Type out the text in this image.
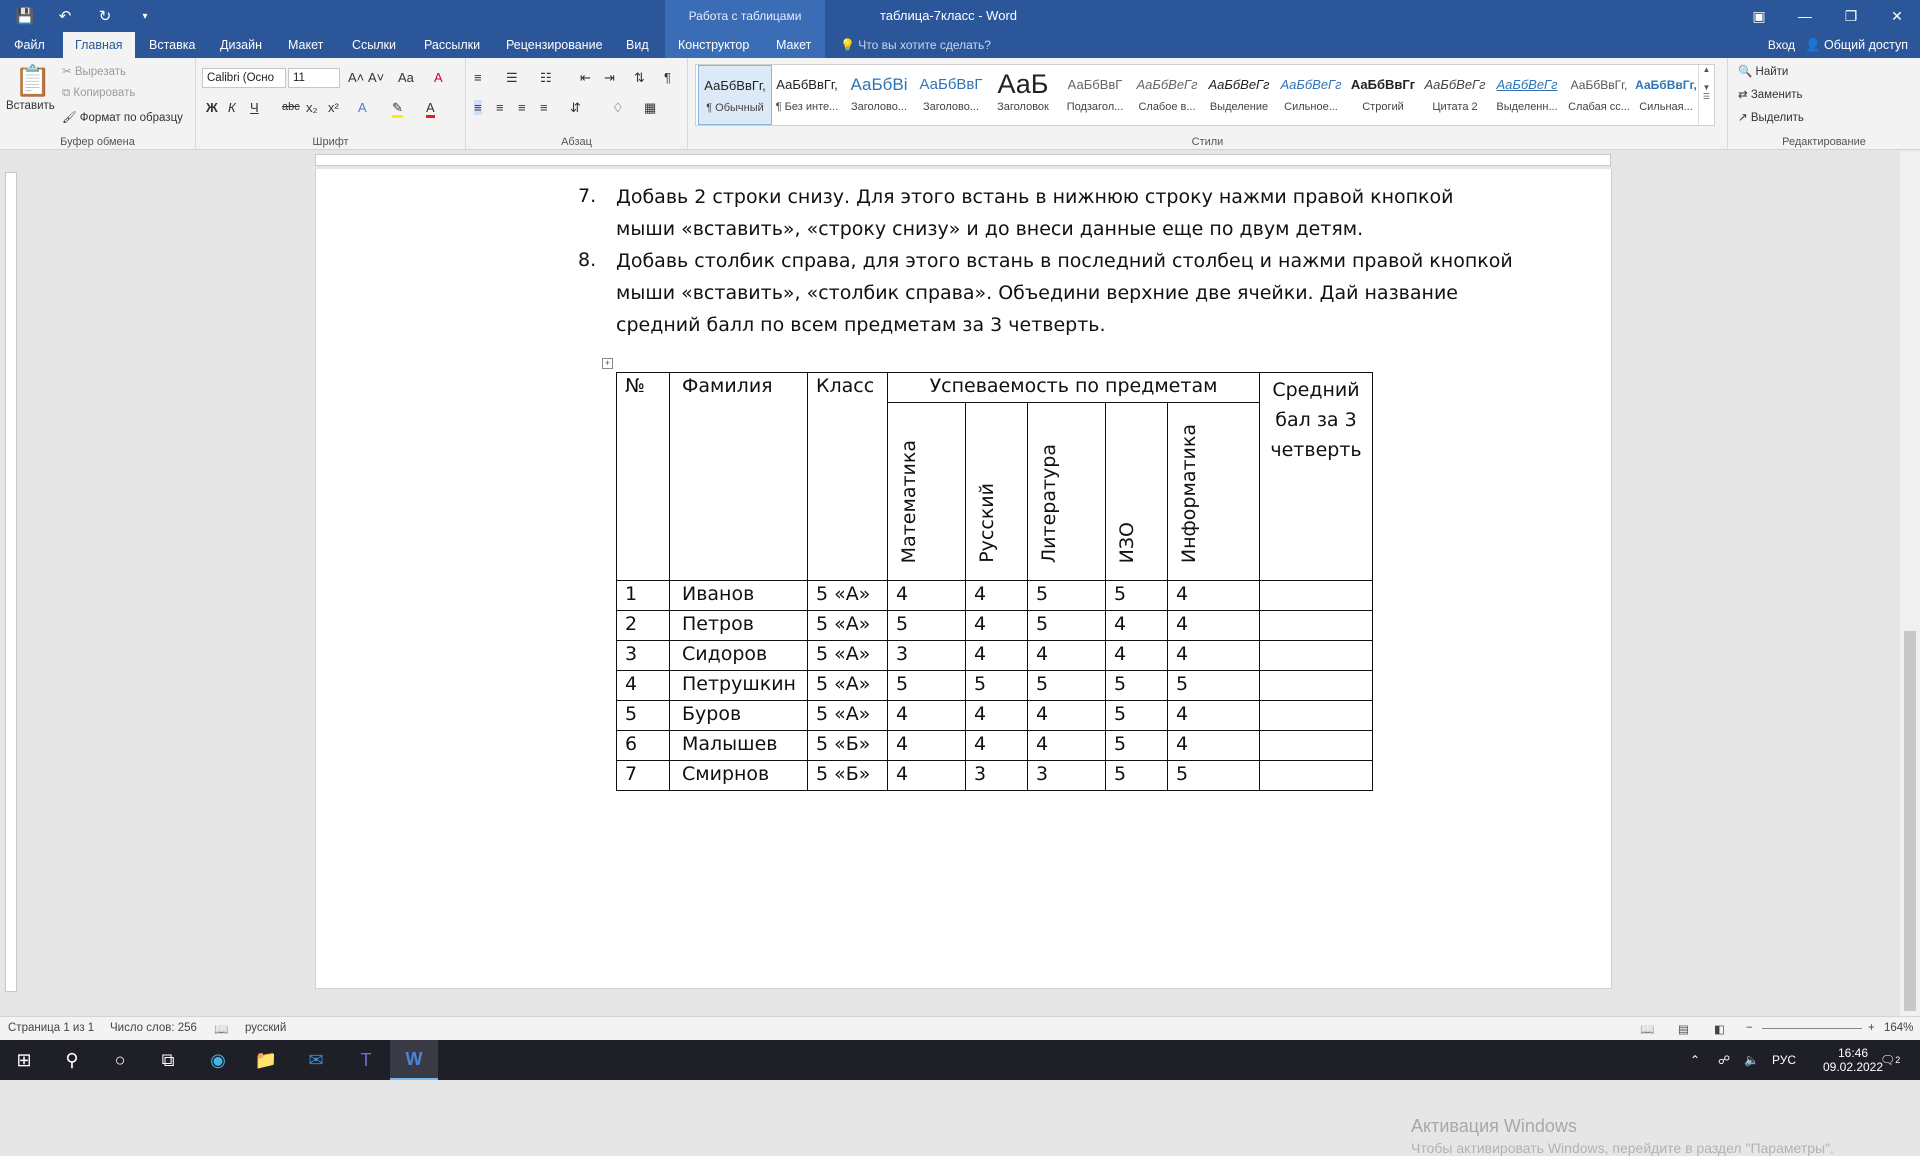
💾	↶	↻	▾	Работа с таблицами	таблица-7класс - Word	▣	—	❐	✕
Файл	Главная	Вставка	Дизайн	Макет	Ссылки	Рассылки	Рецензирование	Вид	Конструктор	Макет	💡 Что вы хотите сделать?	Вход 👤 Общий доступ
📋
Вставить
✂ Вырезать
⧉ Копировать
🖌 Формат по образцу
Буфер обмена
Calibri (Осно	11	A˄ A˅ Aa A
Ж К Ч abc x₂ x² A ✎ A
Шрифт
≡ ☰ ☷ ⇤ ⇥ ⇅ ¶
≡ ≡ ≡ ≡ ⇵ ♢ ▦
Абзац	Стили
АаБбВвГг,
¶ Обычный
АаБбВвГг,
¶ Без инте...
АаБбВі
Заголово...
АаБбВвГ
Заголово...
АаБ
Заголовок
АаБбВвГ
Подзагол...
АаБбВеГг
Слабое в...
АаБбВеГг
Выделение
АаБбВеГг
Сильное...
АаБбВвГг
Строгий
АаБбВеГг
Цитата 2
АаБбВеГг
Выделенн...
АаБбВвГг,
Слабая сс...
АаБбВвГг,
Сильная...
▲

▼
☰
🔍 Найти
⇄ Заменить
↗ Выделить
Редактирование
7. Добавь 2 строки снизу. Для этого встань в нижнюю строку нажми правой кнопкой
мыши «вставить», «строку снизу» и до внеси данные еще по двум детям.
8. Добавь столбик справа, для этого встань в последний столбец и нажми правой кнопкой
мыши «вставить», «столбик справа». Объедини верхние две ячейки. Дай название
средний балл по всем предметам за 3 четверть.
+
№	Фамилия	Класс	Успеваемость по предметам					Средний бал за 3 четверть
			Математика	Русский	Литература	ИЗО	Информатика	
1	Иванов	5 «А»	4	4	5	5	4	
2	Петров	5 «А»	5	4	5	4	4	
3	Сидоров	5 «А»	3	4	4	4	4	
4	Петрушкин	5 «А»	5	5	5	5	5	
5	Буров	5 «А»	4	4	4	5	4	
6	Малышев	5 «Б»	4	4	4	5	4	
7	Смирнов	5 «Б»	4	3	3	5	5	
Активация Windows
Чтобы активировать Windows, перейдите в раздел "Параметры".
Страница 1 из 1 Число слов: 256 📖 русский	📖 ▤ ◧ −	+ 164%
⊞	⚲	○	⧉	◉	📁	✉	T	W	⌃ ☍ 🔈 РУС	16:46
09.02.2022
🗨 2
